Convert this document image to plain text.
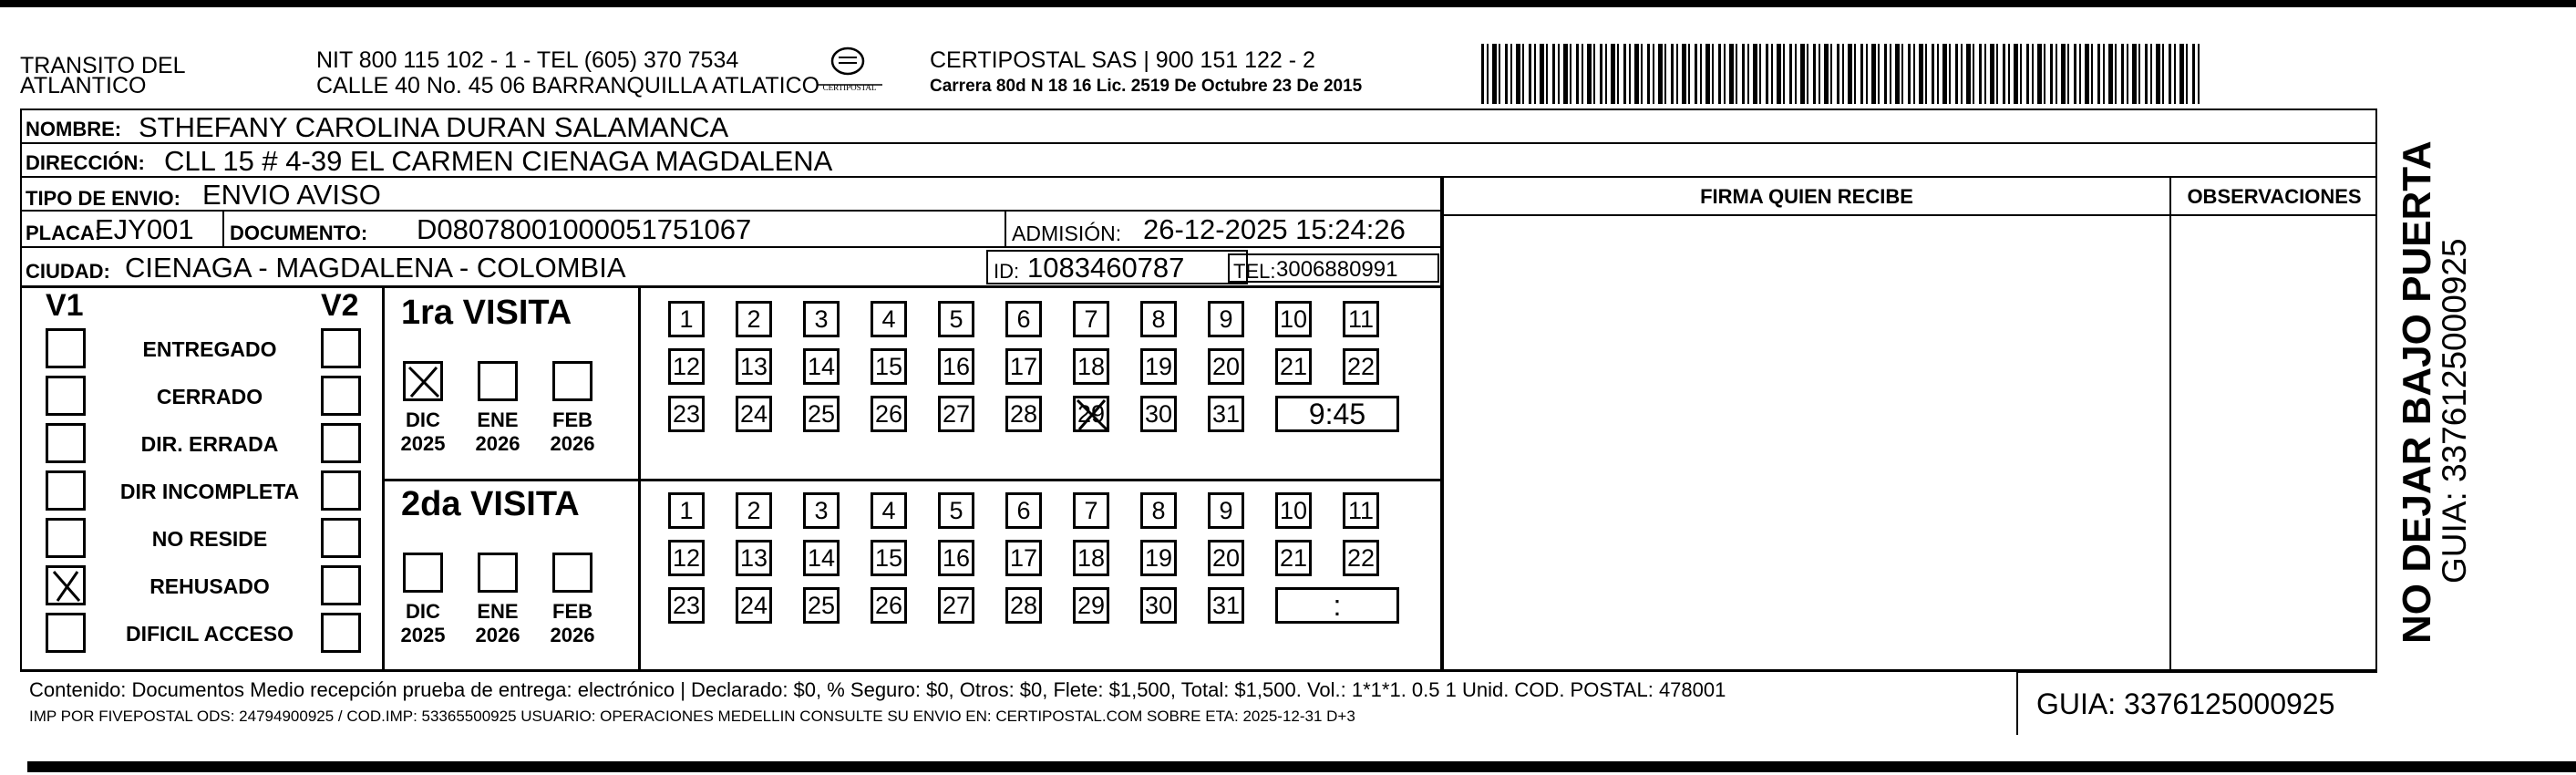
TRANSITO DEL
ATLANTICO
NIT 800 115 102 - 1 - TEL (605) 370 7534
CALLE 40 No. 45 06 BARRANQUILLA ATLATICO CERTIPOSTAL
CERTIPOSTAL SAS | 900 151 122 - 2
Carrera 80d N 18 16 Lic. 2519 De Octubre 23 De 2015
NOMBRE: STHEFANY CAROLINA DURAN SALAMANCA
DIRECCIÓN: CLL 15 # 4-39 EL CARMEN CIENAGA MAGDALENA
TIPO DE ENVIO: ENVIO AVISO	FIRMA QUIEN RECIBE	OBSERVACIONES
PLACA:
EJY001 DOCUMENTO: D08078001000051751067	ADMISIÓN: 26-12-2025 15:24:26
CIUDAD: CIENAGA - MAGDALENA - COLOMBIA	ID: 1083460787 TEL: 3006880991
V1	V2
ENTREGADO
CERRADO
DIR. ERRADA
DIR INCOMPLETA
NO RESIDE
REHUSADO
DIFICIL ACCESO
1ra VISITA
2da VISITA
DIC
2025
ENE
2026
FEB
2026
1	2	3	4	5	6	7	8	9	10 11
12 13 14 15 16 17 18 19 20 21 22
23 24 25 26 27 28 29 30 31	9:45
DIC
2025
ENE
2026
FEB
2026
1	2	3	4	5	6	7	8	9	10 11
12 13 14 15 16 17 18 19 20 21 22
23 24 25 26 27 28 29 30 31	:
Contenido: Documentos Medio recepción prueba de entrega: electrónico | Declarado: $0, % Seguro: $0, Otros: $0, Flete: $1,500, Total: $1,500. Vol.: 1*1*1. 0.5 1 Unid. COD. POSTAL: 478001
IMP POR FIVEPOSTAL ODS: 24794900925 / COD.IMP: 53365500925 USUARIO: OPERACIONES MEDELLIN CONSULTE SU ENVIO EN: CERTIPOSTAL.COM SOBRE ETA: 2025-12-31 D+3	GUIA: 3376125000925
NO DEJAR BAJO PUERTA
GUIA: 3376125000925
